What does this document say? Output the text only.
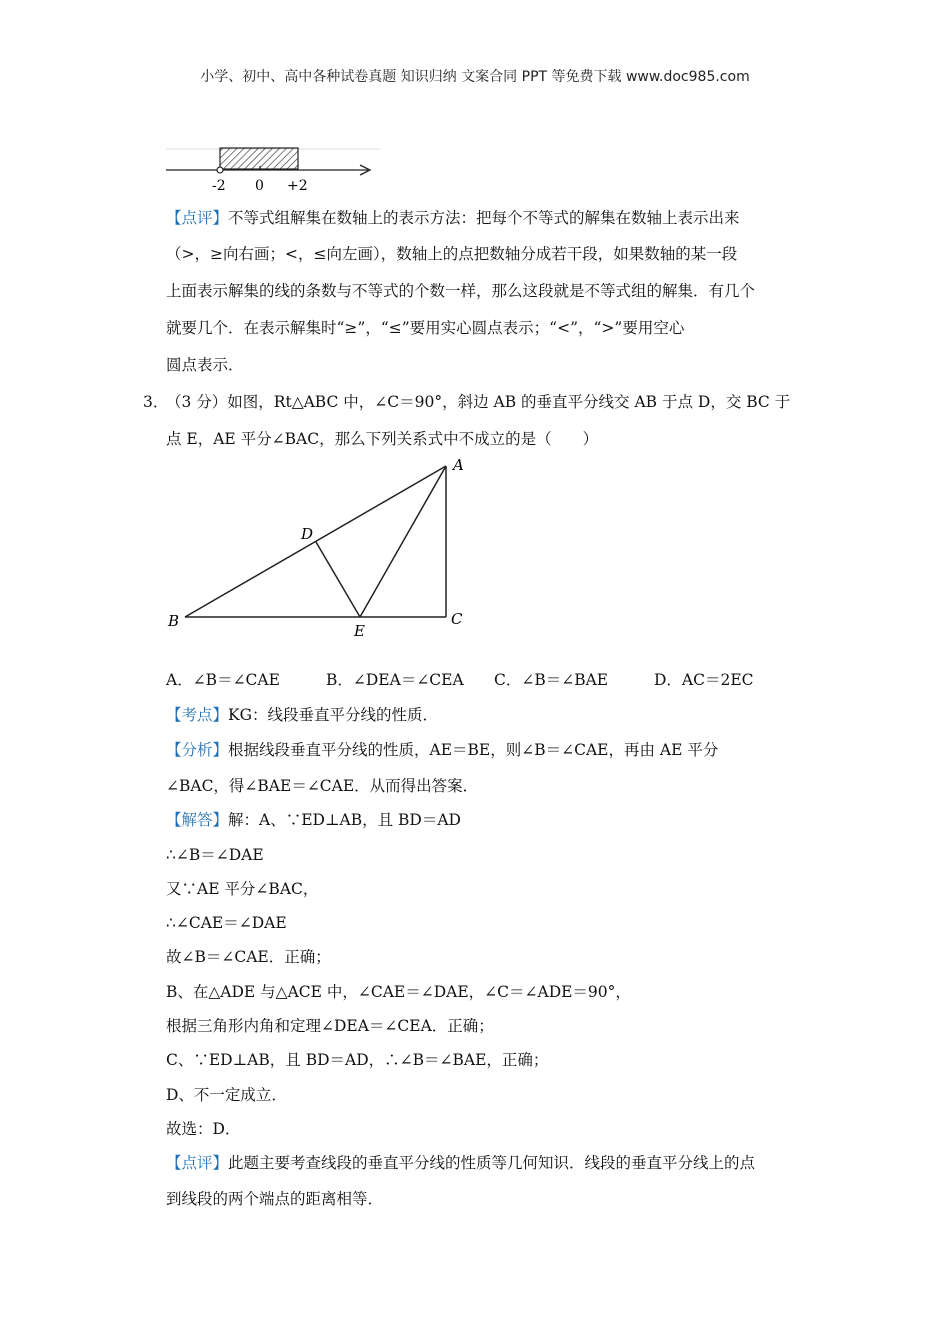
小学、初中、高中各种试卷真题 知识归纳 文案合同 PPT 等免费下载 www.doc985.com
-2 0 +2
【点评】不等式组解集在数轴上的表示方法：把每个不等式的解集在数轴上表示出来
（>，≥向右画；<，≤向左画），数轴上的点把数轴分成若干段，如果数轴的某一段
上面表示解集的线的条数与不等式的个数一样，那么这段就是不等式组的解集．有几个
就要几个．在表示解集时“≥”，“≤”要用实心圆点表示；“<”，“>”要用空心
圆点表示．
3．
（3 分）如图，Rt△ABC 中，∠C＝90°，斜边 AB 的垂直平分线交 AB 于点 D，交 BC 于
点 E，AE 平分∠BAC，那么下列关系式中不成立的是（　　）
A
B	C
D
E
A．∠B＝∠CAE	B．∠DEA＝∠CEA C．∠B＝∠BAE	D．AC＝2EC
【考点】KG：线段垂直平分线的性质．
【分析】根据线段垂直平分线的性质，AE＝BE，则∠B＝∠CAE，再由 AE 平分
∠BAC，得∠BAE＝∠CAE．从而得出答案．
【解答】解：A、∵ED⊥AB，且 BD＝AD
∴∠B＝∠DAE
又∵AE 平分∠BAC，
∴∠CAE＝∠DAE
故∠B＝∠CAE．正确；
B、在△ADE 与△ACE 中，∠CAE＝∠DAE，∠C＝∠ADE＝90°，
根据三角形内角和定理∠DEA＝∠CEA．正确；
C、∵ED⊥AB，且 BD＝AD，∴∠B＝∠BAE，正确；
D、不一定成立．
故选：D．
【点评】此题主要考查线段的垂直平分线的性质等几何知识．线段的垂直平分线上的点
到线段的两个端点的距离相等．
